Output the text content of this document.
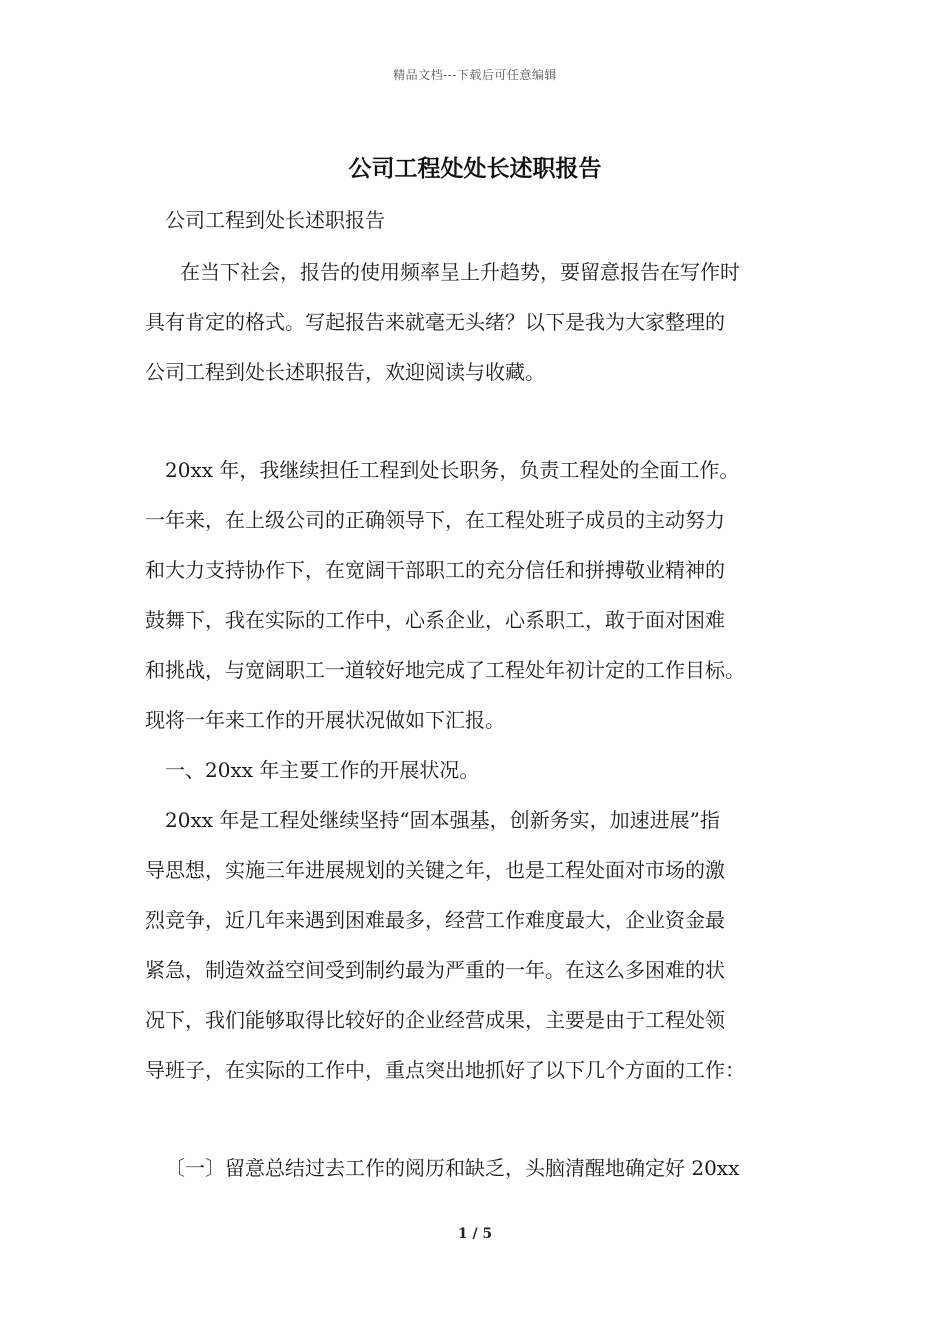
精品文档---下载后可任意编辑
公司工程处处长述职报告
公司工程到处长述职报告
在当下社会，报告的使用频率呈上升趋势，要留意报告在写作时
具有肯定的格式。写起报告来就毫无头绪？以下是我为大家整理的
公司工程到处长述职报告，欢迎阅读与收藏。
20xx 年，我继续担任工程到处长职务，负责工程处的全面工作。
一年来，在上级公司的正确领导下，在工程处班子成员的主动努力
和大力支持协作下，在宽阔干部职工的充分信任和拼搏敬业精神的
鼓舞下，我在实际的工作中，心系企业，心系职工，敢于面对困难
和挑战，与宽阔职工一道较好地完成了工程处年初计定的工作目标。
现将一年来工作的开展状况做如下汇报。
一、20xx 年主要工作的开展状况。
20xx 年是工程处继续坚持“固本强基，创新务实，加速进展”指
导思想，实施三年进展规划的关键之年，也是工程处面对市场的激
烈竞争，近几年来遇到困难最多，经营工作难度最大，企业资金最
紧急，制造效益空间受到制约最为严重的一年。在这么多困难的状
况下，我们能够取得比较好的企业经营成果，主要是由于工程处领
导班子，在实际的工作中，重点突出地抓好了以下几个方面的工作：
〔一〕留意总结过去工作的阅历和缺乏，头脑清醒地确定好 20xx
1 / 5
